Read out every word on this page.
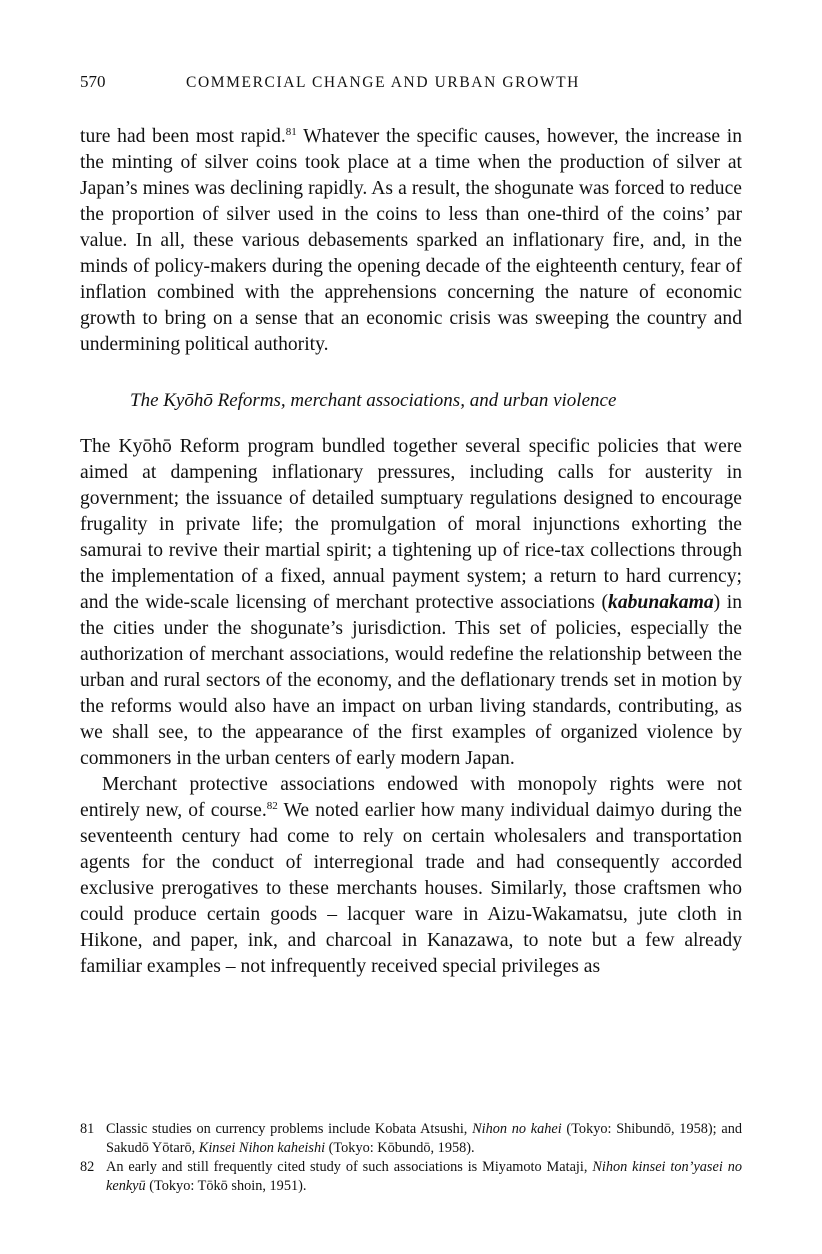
570	COMMERCIAL CHANGE AND URBAN GROWTH

ture had been most rapid.$^{81}$ Whatever the specific causes, however, the increase in the minting of silver coins took place at a time when the production of silver at Japan’s mines was declining rapidly. As a result, the shogunate was forced to reduce the proportion of silver used in the coins to less than one-third of the coins’ par value. In all, these various debasements sparked an inflationary fire, and, in the minds of policy-makers during the opening decade of the eighteenth century, fear of inflation combined with the apprehensions concerning the nature of economic growth to bring on a sense that an economic crisis was sweeping the country and undermining political authority.

The Kyōhō Reforms, merchant associations, and urban violence

The Kyōhō Reform program bundled together several specific policies that were aimed at dampening inflationary pressures, including calls for austerity in government; the issuance of detailed sumptuary regulations designed to encourage frugality in private life; the promulgation of moral injunctions exhorting the samurai to revive their martial spirit; a tightening up of rice-tax collections through the implementation of a fixed, annual payment system; a return to hard currency; and the wide-scale licensing of merchant protective associations (kabunakama) in the cities under the shogunate’s jurisdiction. This set of policies, especially the authorization of merchant associations, would redefine the relationship between the urban and rural sectors of the economy, and the deflationary trends set in motion by the reforms would also have an impact on urban living standards, contributing, as we shall see, to the appearance of the first examples of organized violence by commoners in the urban centers of early modern Japan.

Merchant protective associations endowed with monopoly rights were not entirely new, of course.$^{82}$ We noted earlier how many individual daimyo during the seventeenth century had come to rely on certain wholesalers and transportation agents for the conduct of interregional trade and had consequently accorded exclusive prerogatives to these merchants houses. Similarly, those craftsmen who could produce certain goods – lacquer ware in Aizu-Wakamatsu, jute cloth in Hikone, and paper, ink, and charcoal in Kanazawa, to note but a few already familiar examples – not infrequently received special privileges as

81 Classic studies on currency problems include Kobata Atsushi, Nihon no kahei (Tokyo: Shibundō, 1958); and Sakudō Yōtarō, Kinsei Nihon kaheishi (Tokyo: Kōbundō, 1958).
82 An early and still frequently cited study of such associations is Miyamoto Mataji, Nihon kinsei ton’yasei no kenkyū (Tokyo: Tōkō shoin, 1951).
